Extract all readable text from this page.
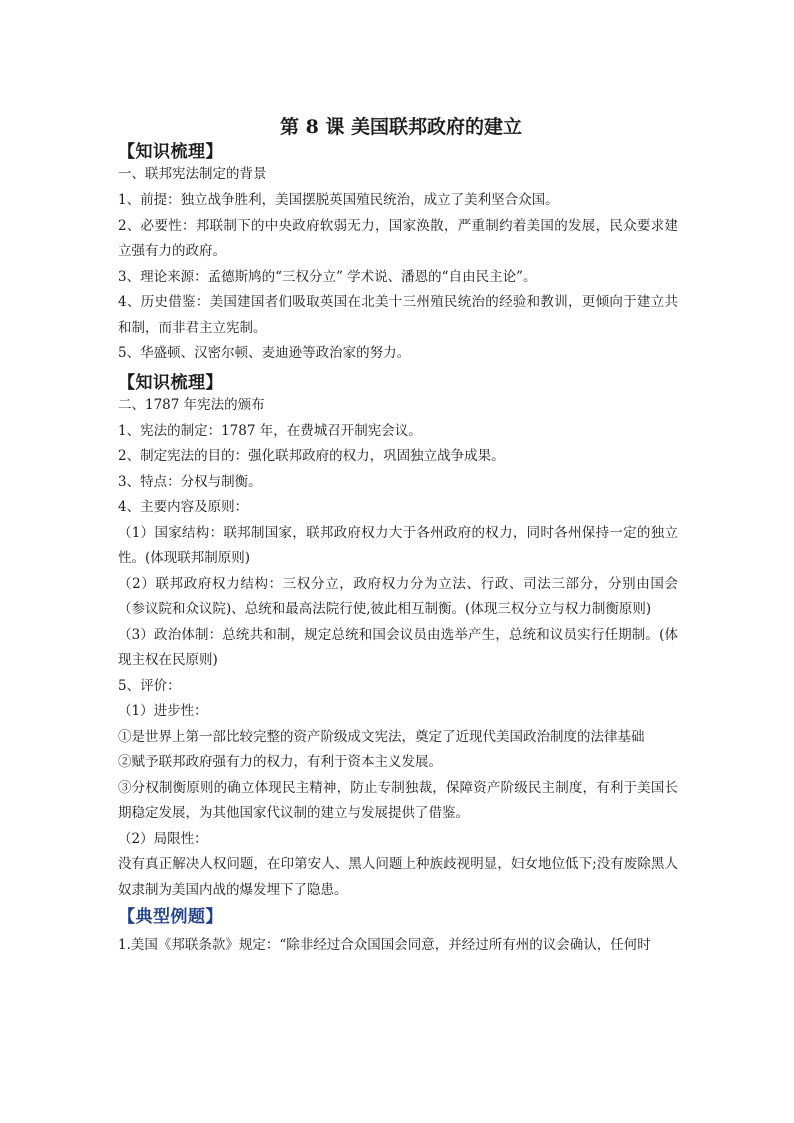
第 8 课 美国联邦政府的建立
【知识梳理】

一、联邦宪法制定的背景

1、前提：独立战争胜利，美国摆脱英国殖民统治，成立了美利坚合众国。

2、必要性：邦联制下的中央政府软弱无力，国家涣散，严重制约着美国的发展，民众要求建立强有力的政府。

3、理论来源：孟德斯鸠的“三权分立” 学术说、潘恩的“自由民主论”。

4、历史借鉴：美国建国者们吸取英国在北美十三州殖民统治的经验和教训，更倾向于建立共和制，而非君主立宪制。

5、华盛顿、汉密尔顿、麦迪逊等政治家的努力。

【知识梳理】

二、1787 年宪法的颁布

1、宪法的制定：1787 年，在费城召开制宪会议。

2、制定宪法的目的：强化联邦政府的权力，巩固独立战争成果。

3、特点：分权与制衡。

4、主要内容及原则：

（1）国家结构：联邦制国家，联邦政府权力大于各州政府的权力，同时各州保持一定的独立性。(体现联邦制原则)

（2）联邦政府权力结构：三权分立，政府权力分为立法、行政、司法三部分，分别由国会（参议院和众议院)、总统和最高法院行使,彼此相互制衡。(体现三权分立与权力制衡原则)

（3）政治体制：总统共和制，规定总统和国会议员由选举产生，总统和议员实行任期制。(体现主权在民原则)

5、评价：

（1）进步性：

①是世界上第一部比较完整的资产阶级成文宪法，奠定了近现代美国政治制度的法律基础

②赋予联邦政府强有力的权力，有利于资本主义发展。

③分权制衡原则的确立体现民主精神，防止专制独裁，保障资产阶级民主制度，有利于美国长期稳定发展，为其他国家代议制的建立与发展提供了借鉴。

（2）局限性：

没有真正解决人权问题，在印第安人、黑人问题上种族歧视明显，妇女地位低下;没有废除黑人奴隶制为美国内战的爆发埋下了隐患。

【典型例题】

1.美国《邦联条款》规定：“除非经过合众国国会同意，并经过所有州的议会确认，任何时
